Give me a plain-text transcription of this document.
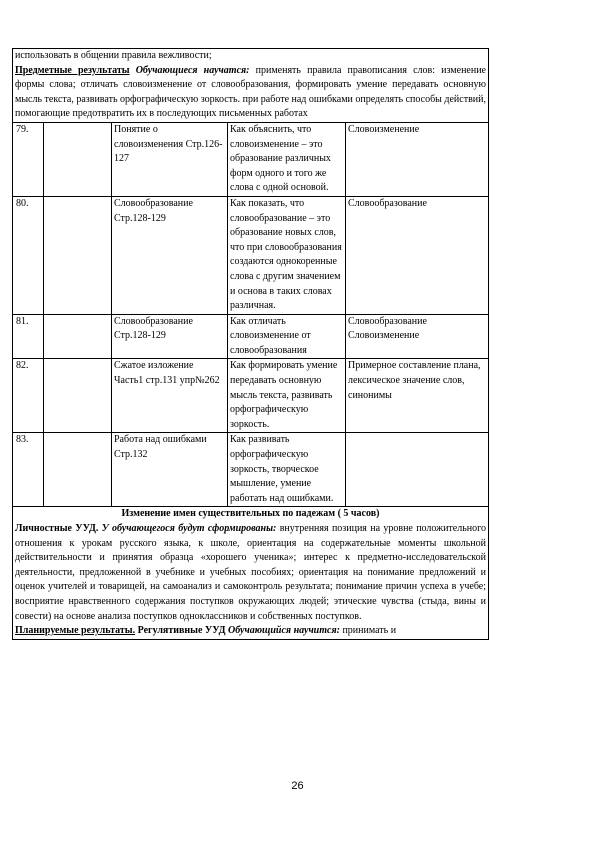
использовать в общении правила вежливости;
Предметные результаты Обучающиеся научатся: применять правила правописания слов: изменение формы слова; отличать словоизменение от словообразования, формировать умение передавать основную мысль текста, развивать орфографическую зоркость. при работе над ошибками определять способы действий, помогающие предотвратить их в последующих письменных работах				

79.		Понятие о словоизменения Стр.126-127	Как объяснить, что словоизменение – это образование различных форм одного и того же слова с одной основой.	Словоизменение
80.		Словообразование Стр.128-129	Как показать, что словообразование – это образование новых слов, что при словообразования создаются однокоренные слова с другим значением и основа в таких словах различная.	Словообразование
81.		Словообразование Стр.128-129	Как отличать словоизменение от словообразования	Словообразование Словоизменение
82.		Сжатое изложение Часть1 стр.131 упр№262	Как формировать умение передавать основную мысль текста, развивать орфографическую зоркость.	Примерное составление плана, лексическое значение слов, синонимы
83.		Работа над ошибками Стр.132	Как развивать орфографическую зоркость, творческое мышление, умение работать над ошибками.	

Изменение имен существительных по падежам ( 5 часов)
Личностные УУД. У обучающегося будут сформированы: внутренняя позиция на уровне положительного отношения к урокам русского языка, к школе, ориентация на содержательные моменты школьной действительности и принятия образца «хорошего ученика»; интерес к предметно-исследовательской деятельности, предложенной в учебнике и учебных пособиях; ориентация на понимание предложений и оценок учителей и товарищей, на самоанализ и самоконтроль результата; понимание причин успеха в учебе; восприятие нравственного содержания поступков окружающих людей; этические чувства (стыда, вины и совести) на основе анализа поступков одноклассников и собственных поступков.
Планируемые результаты. Регулятивные УУД Обучающийся научится: принимать и				
26
